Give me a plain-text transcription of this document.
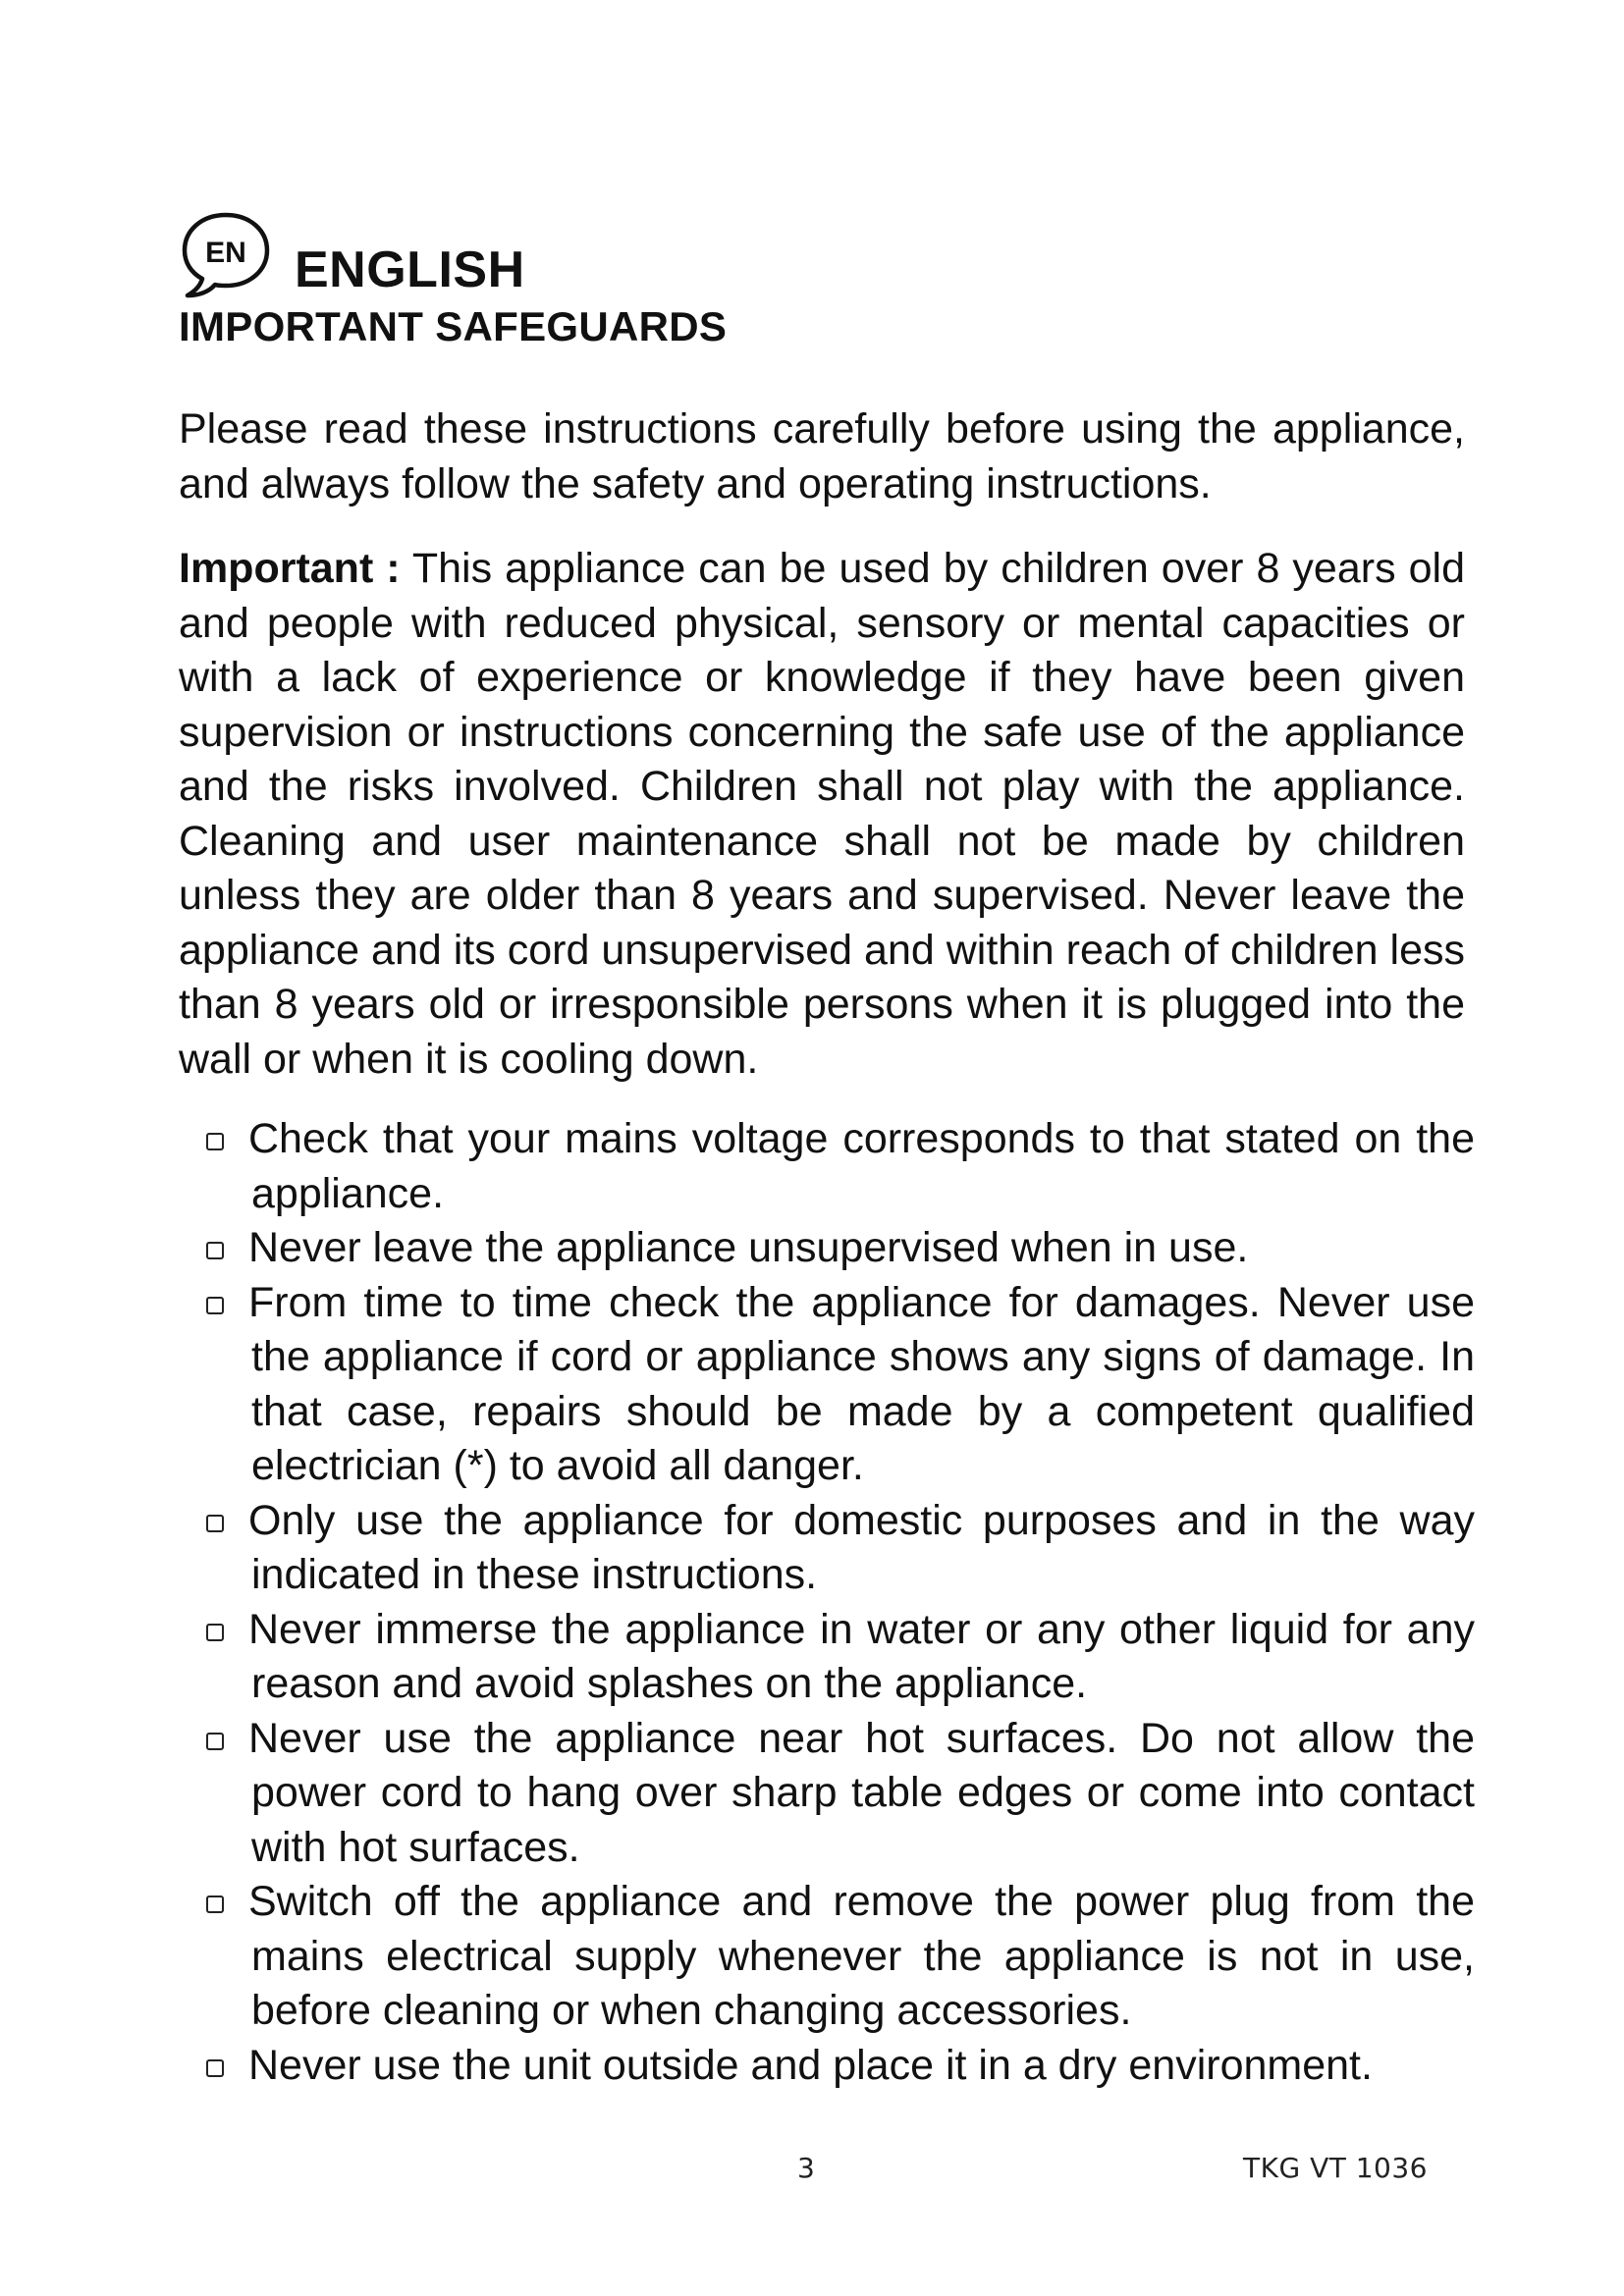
EN ENGLISH
IMPORTANT SAFEGUARDS

Please read these instructions carefully before using the appliance, and always follow the safety and operating instructions.

Important : This appliance can be used by children over 8 years old and people with reduced physical, sensory or mental capacities or with a lack of experience or knowledge if they have been given supervision or instructions concerning the safe use of the appliance and the risks involved. Children shall not play with the appliance. Cleaning and user maintenance shall not be made by children unless they are older than 8 years and supervised. Never leave the appliance and its cord unsupervised and within reach of children less than 8 years old or irresponsible persons when it is plugged into the wall or when it is cooling down.

Check that your mains voltage corresponds to that stated on the appliance.
Never leave the appliance unsupervised when in use.
From time to time check the appliance for damages. Never use the appliance if cord or appliance shows any signs of damage. In that case, repairs should be made by a competent qualified electrician (*) to avoid all danger.
Only use the appliance for domestic purposes and in the way indicated in these instructions.
Never immerse the appliance in water or any other liquid for any reason and avoid splashes on the appliance.
Never use the appliance near hot surfaces. Do not allow the power cord to hang over sharp table edges or come into contact with hot surfaces.
Switch off the appliance and remove the power plug from the mains electrical supply whenever the appliance is not in use, before cleaning or when changing accessories.
Never use the unit outside and place it in a dry environment.
3	TKG VT 1036
